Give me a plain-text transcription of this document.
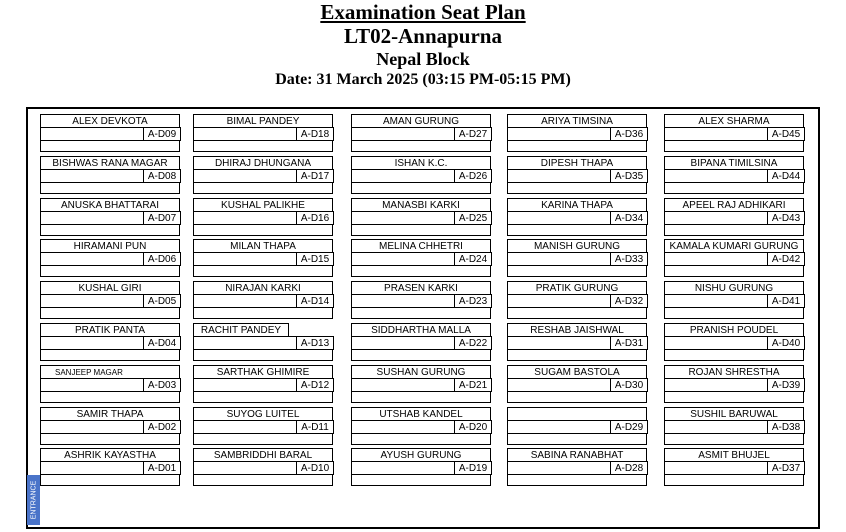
Examination Seat Plan
LT02-Annapurna
Nepal Block
Date: 31 March 2025 (03:15 PM-05:15 PM)
ALEX DEVKOTA
A-D09
BISHWAS RANA MAGAR
A-D08
ANUSKA BHATTARAI
A-D07
HIRAMANI PUN
A-D06
KUSHAL GIRI
A-D05
PRATIK PANTA
A-D04
SANJEEP MAGAR
A-D03
SAMIR THAPA
A-D02
ASHRIK KAYASTHA
A-D01
BIMAL PANDEY
A-D18
DHIRAJ DHUNGANA
A-D17
KUSHAL PALIKHE
A-D16
MILAN THAPA
A-D15
NIRAJAN KARKI
A-D14
RACHIT PANDEY
A-D13
SARTHAK GHIMIRE
A-D12
SUYOG LUITEL
A-D11
SAMBRIDDHI BARAL
A-D10
AMAN GURUNG
A-D27
ISHAN K.C.
A-D26
MANASBI KARKI
A-D25
MELINA CHHETRI
A-D24
PRASEN KARKI
A-D23
SIDDHARTHA MALLA
A-D22
SUSHAN GURUNG
A-D21
UTSHAB KANDEL
A-D20
AYUSH GURUNG
A-D19
ARIYA TIMSINA
A-D36
DIPESH THAPA
A-D35
KARINA THAPA
A-D34
MANISH GURUNG
A-D33
PRATIK GURUNG
A-D32
RESHAB JAISHWAL
A-D31
SUGAM BASTOLA
A-D30
A-D29
SABINA RANABHAT
A-D28
ALEX SHARMA
A-D45
BIPANA TIMILSINA
A-D44
APEEL RAJ ADHIKARI
A-D43
KAMALA KUMARI GURUNG
A-D42
NISHU GURUNG
A-D41
PRANISH POUDEL
A-D40
ROJAN SHRESTHA
A-D39
SUSHIL BARUWAL
A-D38
ASMIT BHUJEL
A-D37
ENTRANCE
